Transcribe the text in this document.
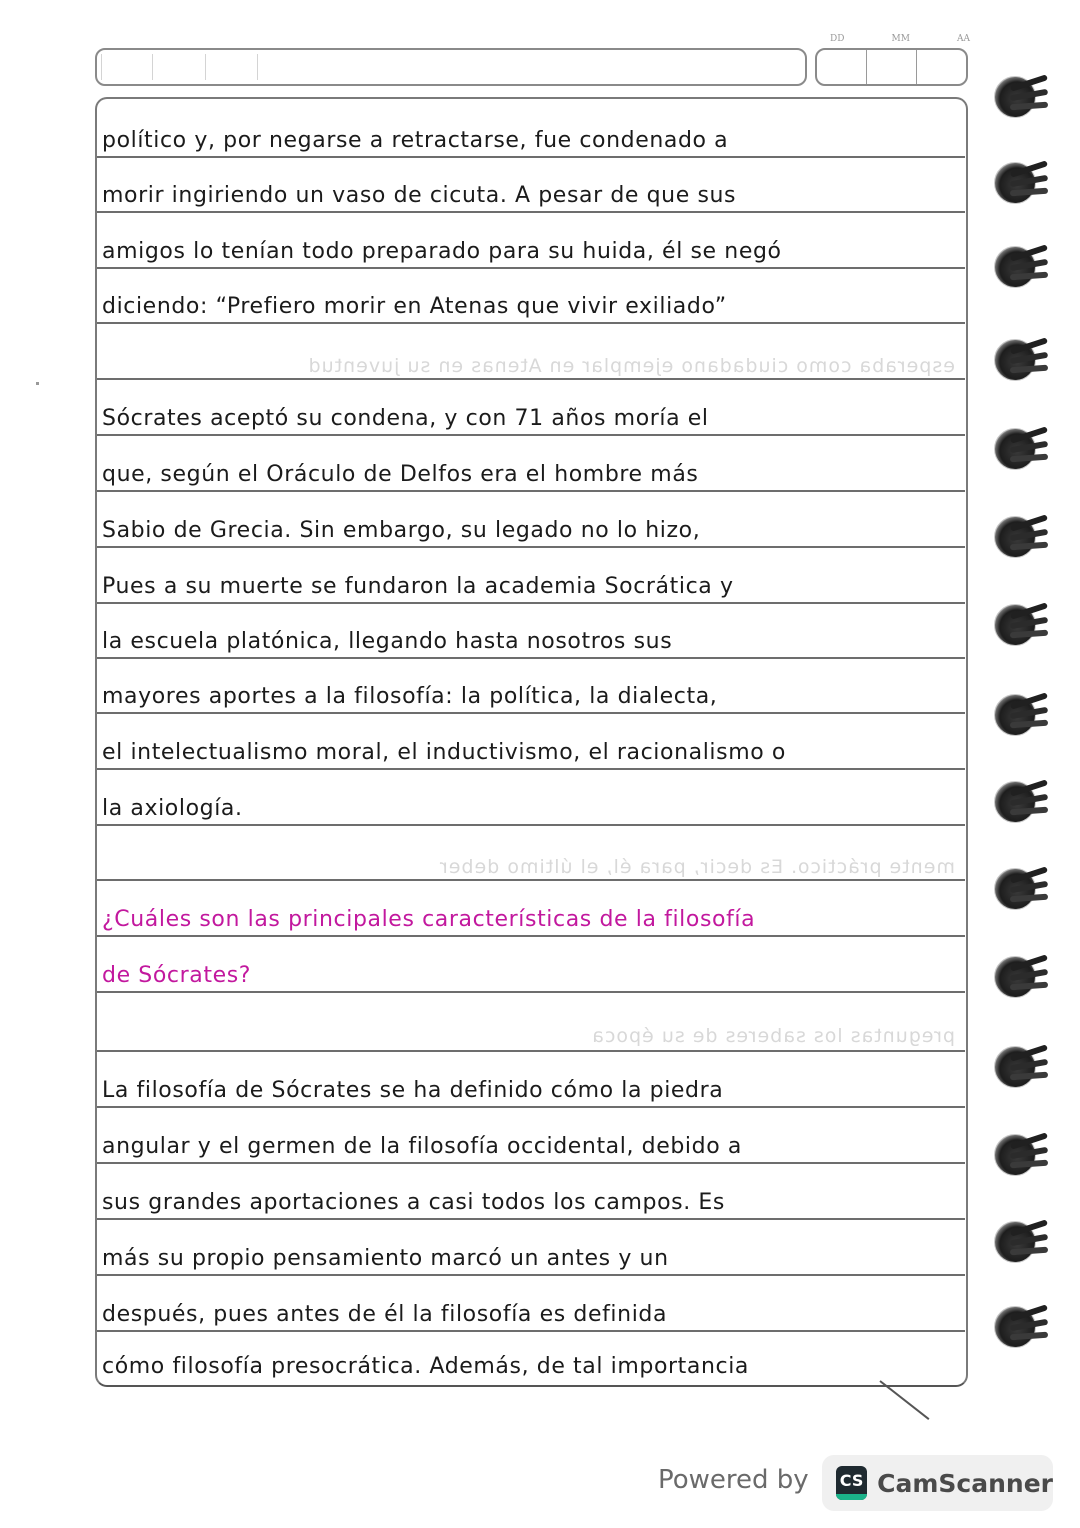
DD	MM	AA
esperaba como ciudadano ejemplar en Atenas en su juventud
mente práctico. Es decir, para él, el último deber
preguntas los saberes de su época
político y, por negarse a retractarse, fue condenado a
morir ingiriendo un vaso de cicuta. A pesar de que sus
amigos lo tenían todo preparado para su huida, él se negó
diciendo: “Prefiero morir en Atenas que vivir exiliado”
Sócrates aceptó su condena, y con 71 años moría el
que, según el Oráculo de Delfos era el hombre más
Sabio de Grecia. Sin embargo, su legado no lo hizo,
Pues a su muerte se fundaron la academia Socrática y
la escuela platónica, llegando hasta nosotros sus
mayores aportes a la filosofía: la política, la dialecta,
el intelectualismo moral, el inductivismo, el racionalismo o
la axiología.
¿Cuáles son las principales características de la filosofía
de Sócrates?
La filosofía de Sócrates se ha definido cómo la piedra
angular y el germen de la filosofía occidental, debido a
sus grandes aportaciones a casi todos los campos. Es
más su propio pensamiento marcó un antes y un
después, pues antes de él la filosofía es definida
cómo filosofía presocrática. Además, de tal importancia
Powered by CS CamScanner
